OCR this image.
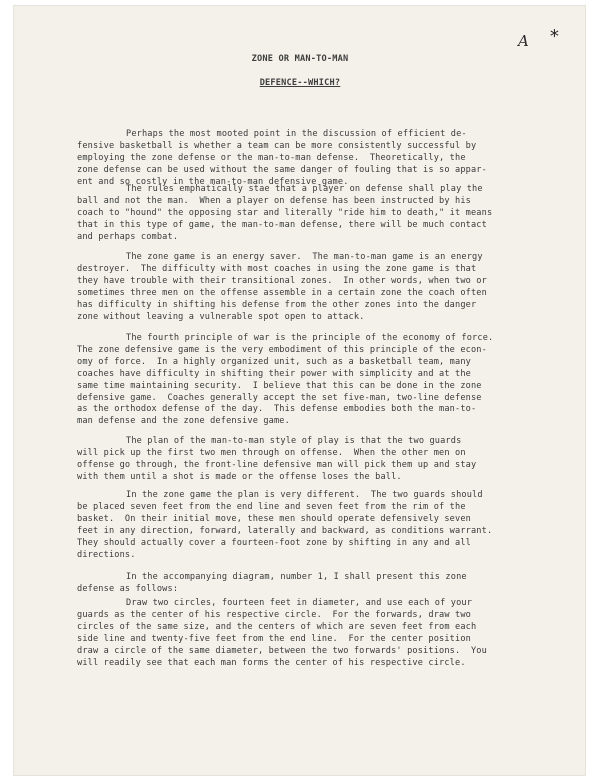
A *
ZONE OR MAN-TO-MAN
DEFENCE--WHICH?
Perhaps the most mooted point in the discussion of efficient de-
fensive basketball is whether a team can be more consistently successful by
employing the zone defense or the man-to-man defense.  Theoretically, the
zone defense can be used without the same danger of fouling that is so appar-
ent and so costly in the man-to-man defensive game.
The rules emphatically stae that a player on defense shall play the
ball and not the man.  When a player on defense has been instructed by his
coach to "hound" the opposing star and literally "ride him to death," it means
that in this type of game, the man-to-man defense, there will be much contact
and perhaps combat.
The zone game is an energy saver.  The man-to-man game is an energy
destroyer.  The difficulty with most coaches in using the zone game is that
they have trouble with their transitional zones.  In other words, when two or
sometimes three men on the offense assemble in a certain zone the coach often
has difficulty in shifting his defense from the other zones into the danger
zone without leaving a vulnerable spot open to attack.
The fourth principle of war is the principle of the economy of force.
The zone defensive game is the very embodiment of this principle of the econ-
omy of force.  In a highly organized unit, such as a basketball team, many
coaches have difficulty in shifting their power with simplicity and at the
same time maintaining security.  I believe that this can be done in the zone
defensive game.  Coaches generally accept the set five-man, two-line defense
as the orthodox defense of the day.  This defense embodies both the man-to-
man defense and the zone defensive game.
The plan of the man-to-man style of play is that the two guards
will pick up the first two men through on offense.  When the other men on
offense go through, the front-line defensive man will pick them up and stay
with them until a shot is made or the offense loses the ball.
In the zone game the plan is very different.  The two guards should
be placed seven feet from the end line and seven feet from the rim of the
basket.  On their initial move, these men should operate defensively seven
feet in any direction, forward, laterally and backward, as conditions warrant.
They should actually cover a fourteen-foot zone by shifting in any and all
directions.
In the accompanying diagram, number 1, I shall present this zone
defense as follows:
Draw two circles, fourteen feet in diameter, and use each of your
guards as the center of his respective circle.  For the forwards, draw two
circles of the same size, and the centers of which are seven feet from each
side line and twenty-five feet from the end line.  For the center position
draw a circle of the same diameter, between the two forwards' positions.  You
will readily see that each man forms the center of his respective circle.
